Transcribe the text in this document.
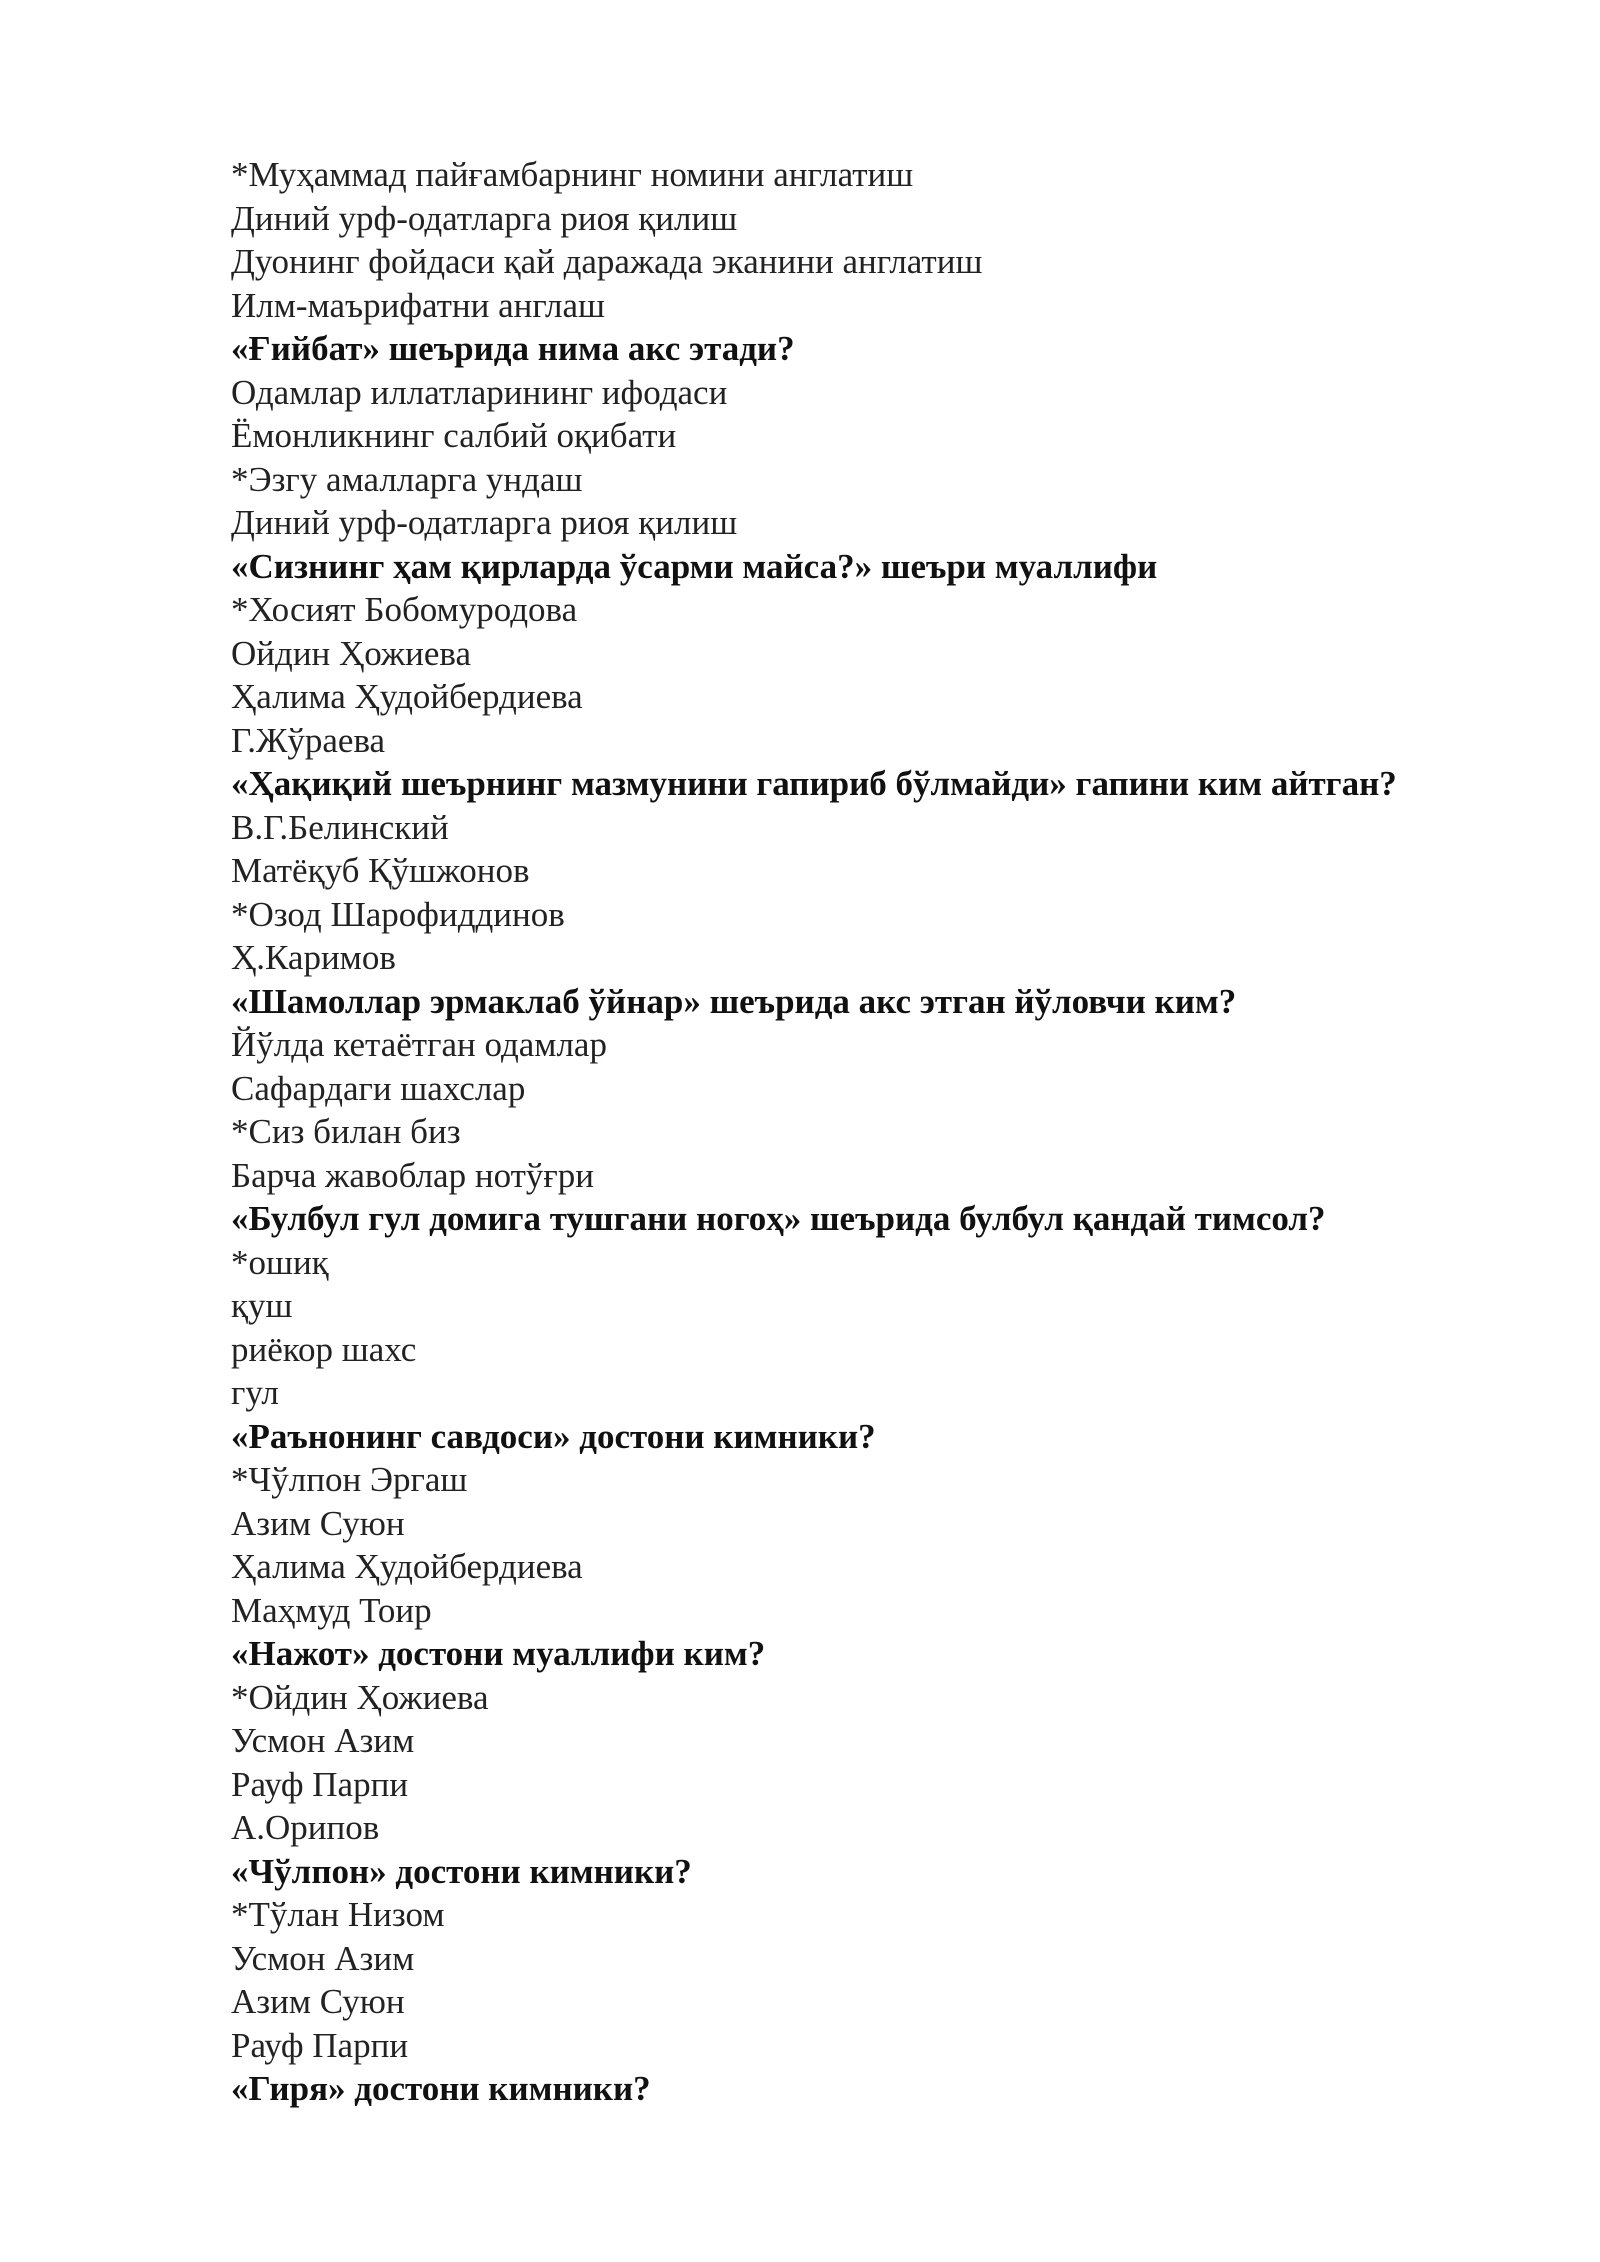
*Муҳаммад пайғамбарнинг номини англатиш
Диний урф-одатларга риоя қилиш
Дуонинг фойдаси қай даражада эканини англатиш
Илм-маърифатни англаш
«Ғийбат» шеърида нима акс этади?
Одамлар иллатларининг ифодаси
Ёмонликнинг салбий оқибати
*Эзгу амалларга ундаш
Диний урф-одатларга риоя қилиш
«Сизнинг ҳам қирларда ўсарми майса?» шеъри муаллифи
*Хосият Бобомуродова
Ойдин Ҳожиева
Ҳалима Ҳудойбердиева
Г.Жўраева
«Ҳақиқий шеърнинг мазмунини гапириб бўлмайди» гапини ким айтган?
В.Г.Белинский
Матёқуб Қўшжонов
*Озод Шарофиддинов
Ҳ.Каримов
«Шамоллар эрмаклаб ўйнар» шеърида акс этган йўловчи ким?
Йўлда кетаётган одамлар
Сафардаги шахслар
*Сиз билан биз
Барча жавоблар нотўғри
«Булбул гул домига тушгани ногоҳ» шеърида булбул қандай тимсол?
*ошиқ
қуш
риёкор шахс
гул
«Раънонинг савдоси» достони кимники?
*Чўлпон Эргаш
Азим Суюн
Ҳалима Ҳудойбердиева
Маҳмуд Тоир
«Нажот» достони муаллифи ким?
*Ойдин Ҳожиева
Усмон Азим
Рауф Парпи
А.Орипов
«Чўлпон» достони кимники?
*Тўлан Низом
Усмон Азим
Азим Суюн
Рауф Парпи
«Гиря» достони кимники?
